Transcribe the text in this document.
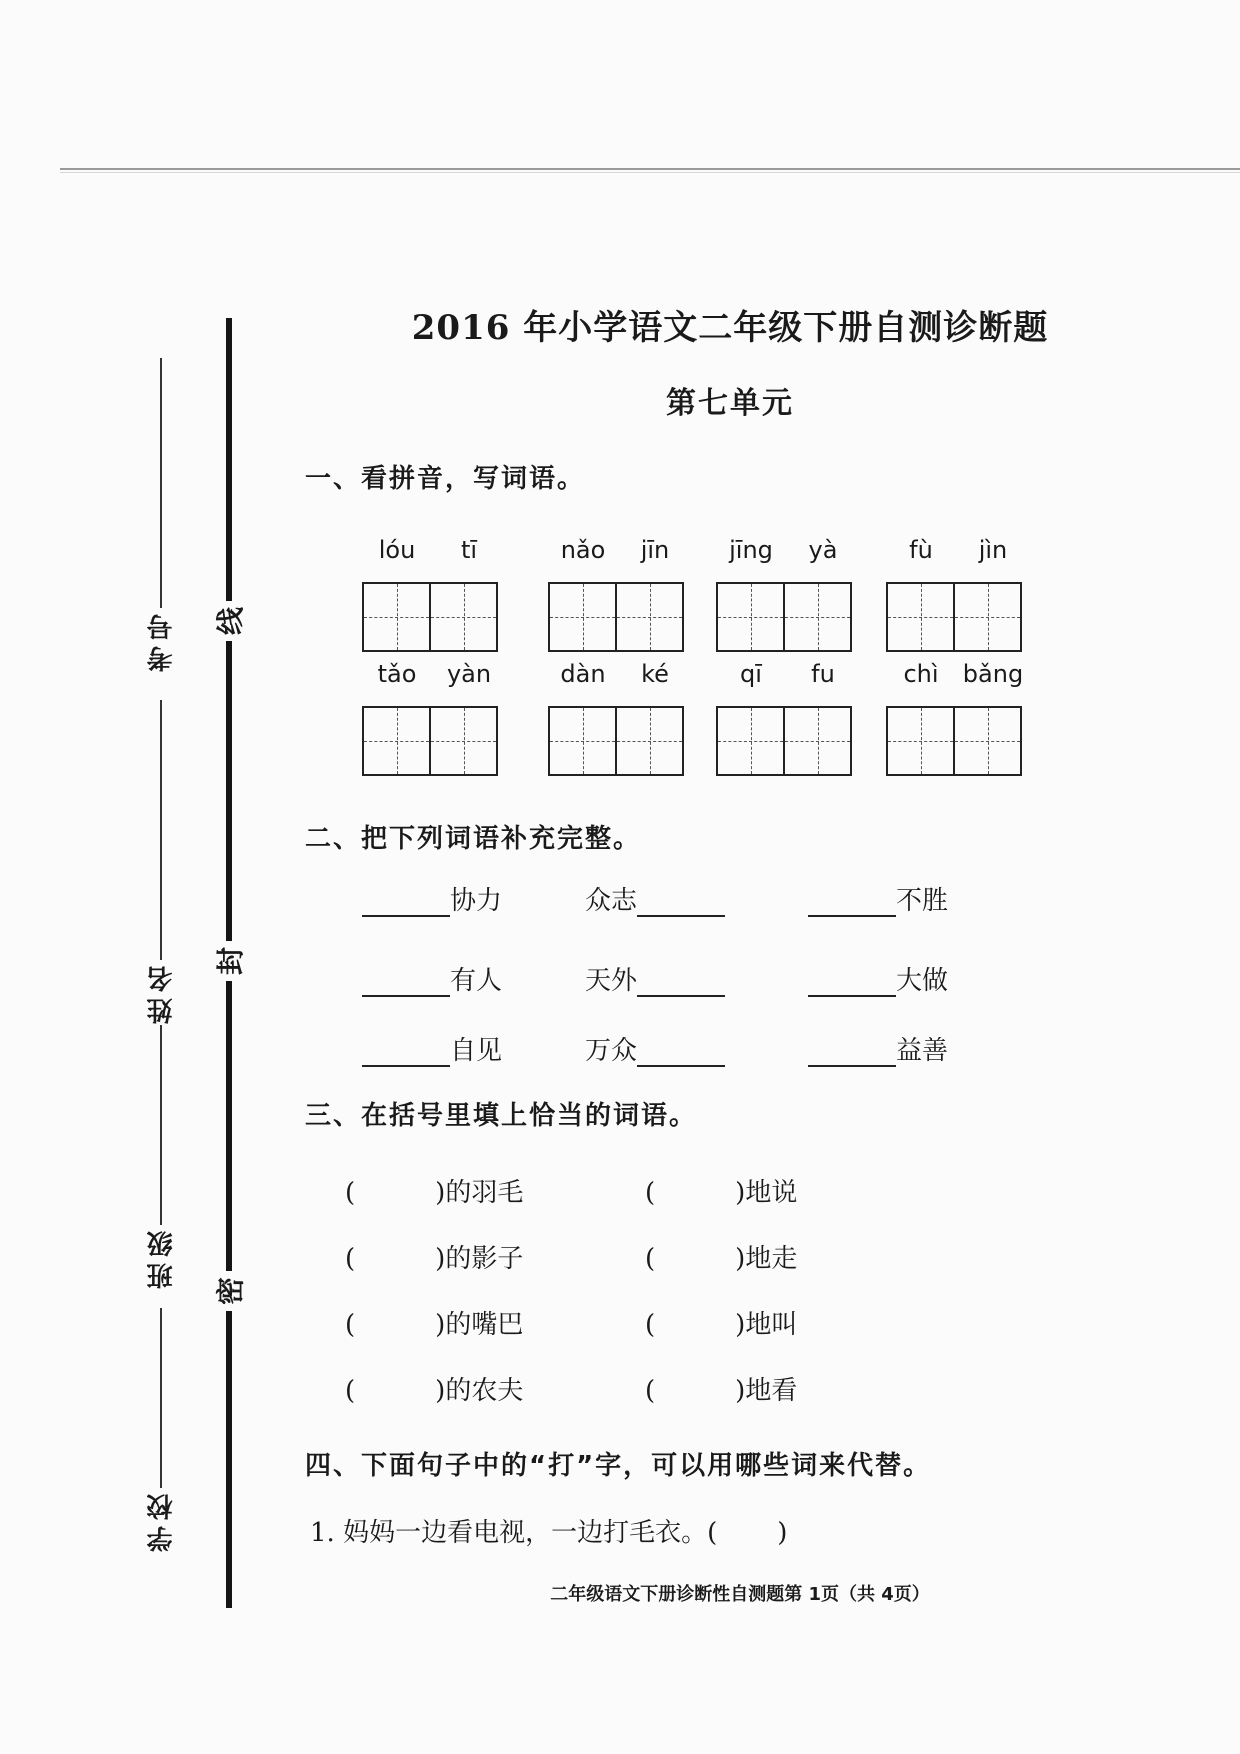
线
封
密
考号
姓名
班级
学校
2016 年小学语文二年级下册自测诊断题
第七单元
一、看拼音，写词语。
lóu	tī	nǎo	jīn	jīng	yà	fù	jìn
tǎo	yàn	dàn	ké	qī	fu	chì	bǎng
二、把下列词语补充完整。
协力	众志	不胜
有人	天外	大做
自见	万众	益善
三、在括号里填上恰当的词语。
(	)的羽毛	(	)地说
(	)的影子	(	)地走
(	)的嘴巴	(	)地叫
(	)的农夫	(	)地看
四、下面句子中的“打”字，可以用哪些词来代替。
1. 妈妈一边看电视，一边打毛衣。( )
二年级语文下册诊断性自测题第 1页（共 4页）
